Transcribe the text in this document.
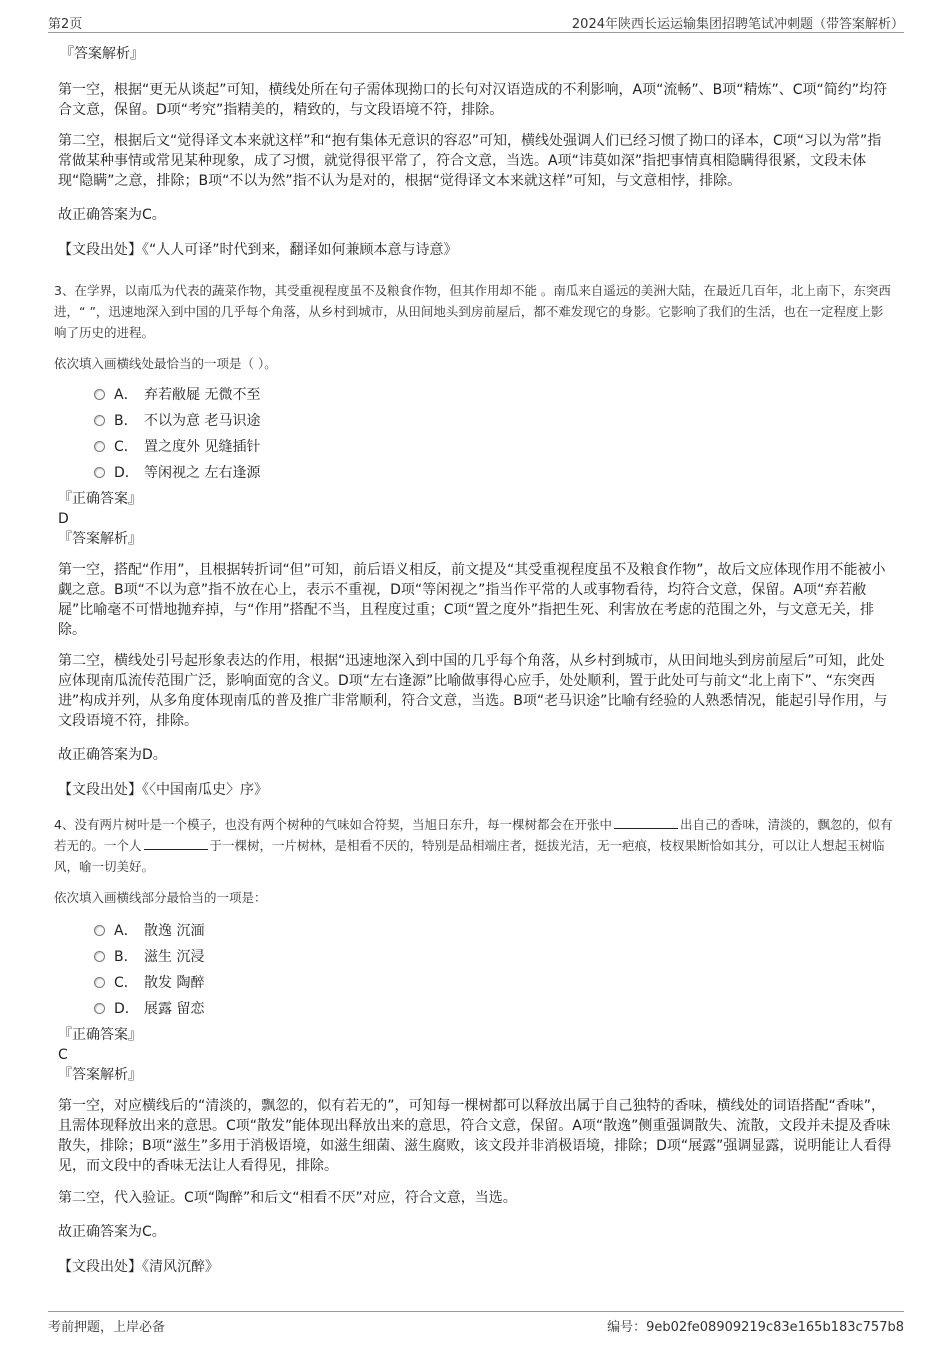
第2页	2024年陕西长运运输集团招聘笔试冲刺题（带答案解析）
『答案解析』

第一空，根据“更无从谈起”可知，横线处所在句子需体现拗口的长句对汉语造成的不利影响，A项“流畅”、B项“精炼”、C项“简约”均符合文意，保留。D项“考究”指精美的，精致的，与文段语境不符，排除。

第二空，根据后文“觉得译文本来就这样”和“抱有集体无意识的容忍”可知，横线处强调人们已经习惯了拗口的译本，C项“习以为常”指常做某种事情或常见某种现象，成了习惯，就觉得很平常了，符合文意，当选。A项“讳莫如深”指把事情真相隐瞒得很紧，文段未体现“隐瞒”之意，排除；B项“不以为然”指不认为是对的，根据“觉得译文本来就这样”可知，与文意相悖，排除。

故正确答案为C。

【文段出处】《“人人可译”时代到来，翻译如何兼顾本意与诗意》

3、在学界，以南瓜为代表的蔬菜作物，其受重视程度虽不及粮食作物，但其作用却不能 。南瓜来自遥远的美洲大陆，在最近几百年，北上南下，东突西进，“ ”，迅速地深入到中国的几乎每个角落，从乡村到城市，从田间地头到房前屋后，都不难发现它的身影。它影响了我们的生活，也在一定程度上影响了历史的进程。

依次填入画横线处最恰当的一项是（ ）。

A． 弃若敝屣 无微不至
B． 不以为意 老马识途
C． 置之度外 见缝插针
D． 等闲视之 左右逢源
『正确答案』
D
『答案解析』

第一空，搭配“作用”，且根据转折词“但”可知，前后语义相反，前文提及“其受重视程度虽不及粮食作物”，故后文应体现作用不能被小觑之意。B项“不以为意”指不放在心上，表示不重视，D项“等闲视之”指当作平常的人或事物看待，均符合文意，保留。A项“弃若敝屣”比喻毫不可惜地抛弃掉，与“作用”搭配不当，且程度过重；C项“置之度外”指把生死、利害放在考虑的范围之外，与文意无关，排除。

第二空，横线处引号起形象表达的作用，根据“迅速地深入到中国的几乎每个角落，从乡村到城市，从田间地头到房前屋后”可知，此处应体现南瓜流传范围广泛，影响面宽的含义。D项“左右逢源”比喻做事得心应手，处处顺利，置于此处可与前文“北上南下”、“东突西进”构成并列，从多角度体现南瓜的普及推广非常顺利，符合文意，当选。B项“老马识途”比喻有经验的人熟悉情况，能起引导作用，与文段语境不符，排除。

故正确答案为D。

【文段出处】《〈中国南瓜史〉序》

4、没有两片树叶是一个模子，也没有两个树种的气味如合符契，当旭日东升，每一棵树都会在开张中	出自己的香味，清淡的，飘忽的，似有若无的。一个人	于一棵树，一片树林，是相看不厌的，特别是品相端庄者，挺拔光洁，无一疤痕，枝杈果断恰如其分，可以让人想起玉树临风，喻一切美好。

依次填入画横线部分最恰当的一项是：

A． 散逸 沉湎
B． 滋生 沉浸
C． 散发 陶醉
D． 展露 留恋
『正确答案』
C
『答案解析』

第一空，对应横线后的“清淡的，飘忽的，似有若无的”，可知每一棵树都可以释放出属于自己独特的香味，横线处的词语搭配“香味”，且需体现释放出来的意思。C项“散发”能体现出释放出来的意思，符合文意，保留。A项“散逸”侧重强调散失、流散，文段并未提及香味散失，排除；B项“滋生”多用于消极语境，如滋生细菌、滋生腐败，该文段并非消极语境，排除；D项“展露”强调显露，说明能让人看得见，而文段中的香味无法让人看得见，排除。

第二空，代入验证。C项“陶醉”和后文“相看不厌”对应，符合文意，当选。

故正确答案为C。

【文段出处】《清风沉醉》

考前押题，上岸必备	编号：9eb02fe08909219c83e165b183c757b8
